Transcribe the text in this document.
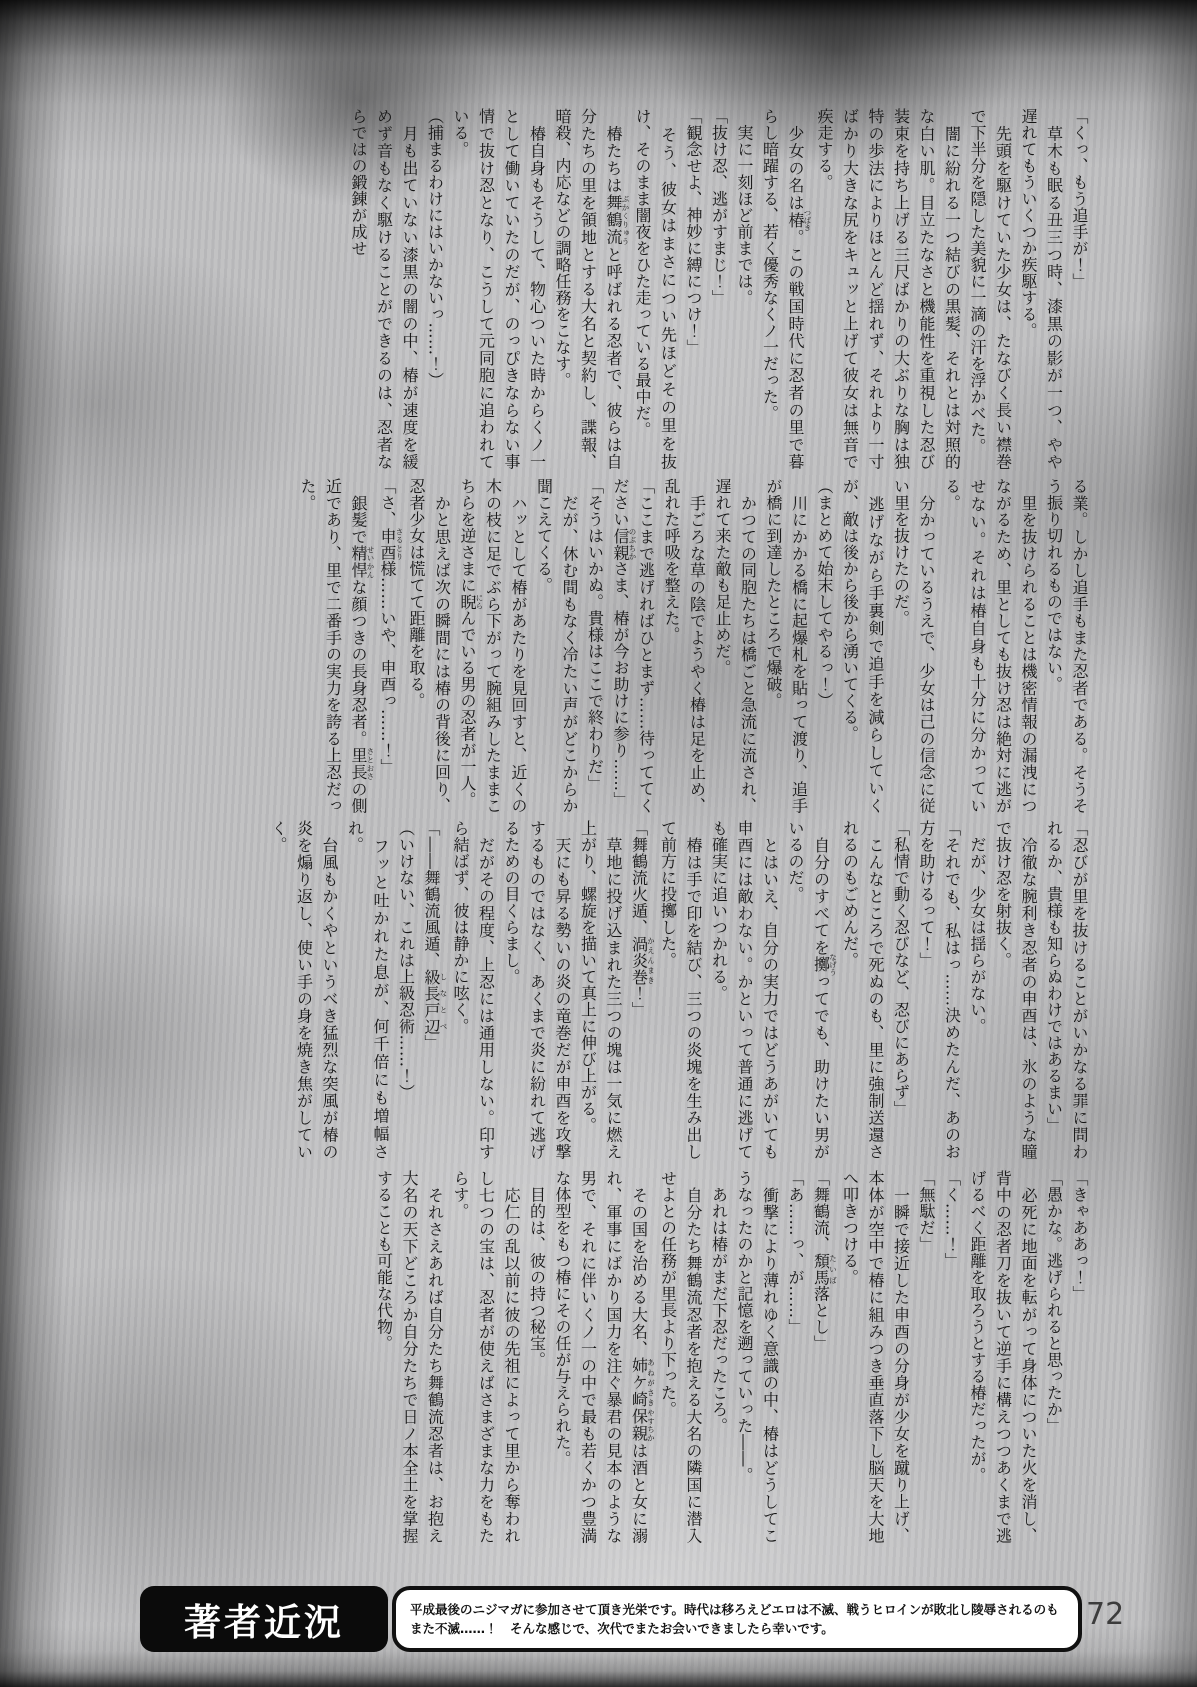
「くっ、もう追手が！」

　草木も眠る丑三つ時、漆黒の影が一つ、やや遅れてもういくつか疾駆する。

　先頭を駆けていた少女は、たなびく長い襟巻で下半分を隠した美貌に一滴の汗を浮かべた。

　闇に紛れる一つ結びの黒髪、それとは対照的な白い肌。目立たなさと機能性を重視した忍び装束を持ち上げる三尺ばかりの大ぶりな胸は独特の歩法によりほとんど揺れず、それより一寸ばかり大きな尻をキュッと上げて彼女は無音で疾走する。

　少女の名は椿つばき。この戦国時代に忍者の里で暮らし暗躍する、若く優秀なくノ一だった。

　実に一刻ほど前までは。

「抜け忍、逃がすまじ！」

「観念せよ、神妙に縛につけ！」

　そう、彼女はまさについ先ほどその里を抜け、そのまま闇夜をひた走っている最中だ。

　椿たちは舞鶴流ぶかくりゅうと呼ばれる忍者で、彼らは自分たちの里を領地とする大名と契約し、諜報、暗殺、内応などの調略任務をこなす。

　椿自身もそうして、物心ついた時からくノ一として働いていたのだが、のっぴきならない事情で抜け忍となり、こうして元同胞に追われている。

（捕まるわけにはいかないっ……！）

　月も出ていない漆黒の闇の中、椿が速度を緩めず音もなく駆けることができるのは、忍者ならではの鍛錬が成せ

る業。しかし追手もまた忍者である。そうそう振り切れるものではない。

　里を抜けられることは機密情報の漏洩につながるため、里としても抜け忍は絶対に逃がせない。それは椿自身も十分に分かっている。

　分かっているうえで、少女は己の信念に従い里を抜けたのだ。

　逃げながら手裏剣で追手を減らしていくが、敵は後から後から湧いてくる。

（まとめて始末してやるっ！）

　川にかかる橋に起爆札を貼って渡り、追手が橋に到達したところで爆破。

　かつての同胞たちは橋ごと急流に流され、遅れて来た敵も足止めだ。

　手ごろな草の陰でようやく椿は足を止め、乱れた呼吸を整えた。

「ここまで逃げればひとまず……待っててください信親のぶちかさま、椿が今お助けに参り……」

「そうはいかぬ。貴様はここで終わりだ」

　だが、休む間もなく冷たい声がどこからか聞こえてくる。

　ハッとして椿があたりを見回すと、近くの木の枝に足でぶら下がって腕組みしたままこちらを逆さまに睨にらんでいる男の忍者が一人。

　かと思えば次の瞬間には椿の背後に回り、忍者少女は慌てて距離を取る。

「さ、申酉さるとり様……いや、申酉っ……！」

　銀髪で精悍せいかんな顔つきの長身忍者。里長さとおさの側近であり、里で二番手の実力を誇る上忍だった。

「忍びが里を抜けることがいかなる罪に問われるか、貴様も知らぬわけではあるまい」

　冷徹な腕利き忍者の申酉は、氷のような瞳で抜け忍を射抜く。

　だが、少女は揺らがない。

「それでも、私はっ……決めたんだ、あのお方を助けるって！」

「私情で動く忍びなど、忍びにあらず」

　こんなところで死ぬのも、里に強制送還されるのもごめんだ。

　自分のすべてを擲なげうってでも、助けたい男がいるのだ。

　とはいえ、自分の実力ではどうあがいても申酉には敵わない。かといって普通に逃げても確実に追いつかれる。

　椿は手で印を結び、三つの炎塊を生み出して前方に投擲した。

「舞鶴流火遁、渦炎巻かえんまき！」

　草地に投げ込まれた三つの塊は一気に燃え上がり、螺旋を描いて真上に伸び上がる。

　天にも昇る勢いの炎の竜巻だが申酉を攻撃するものではなく、あくまで炎に紛れて逃げるための目くらまし。

　だがその程度、上忍には通用しない。印すら結ばず、彼は静かに呟く。

「――舞鶴流風遁、級長戸辺しなとべ」

（いけない、これは上級忍術……！）

　フッと吐かれた息が、何千倍にも増幅され。

　台風もかくやというべき猛烈な突風が椿の炎を煽り返し、使い手の身を焼き焦がしていく。

「きゃああっ！」

「愚かな。逃げられると思ったか」

　必死に地面を転がって身体についた火を消し、背中の忍者刀を抜いて逆手に構えつつあくまで逃げるべく距離を取ろうとする椿だったが。

「く……！」

「無駄だ」

　一瞬で接近した申酉の分身が少女を蹴り上げ、本体が空中で椿に組みつき垂直落下し脳天を大地へ叩きつける。

「舞鶴流、頽馬たいば落とし」

「あ……っ、が……」

　衝撃により薄れゆく意識の中、椿はどうしてこうなったのかと記憶を遡っていった――。

　あれは椿がまだ下忍だったころ。

　自分たち舞鶴流忍者を抱える大名の隣国に潜入せよとの任務が里長より下った。

　その国を治める大名、姉ケ崎あねがさき保親やすちかは酒と女に溺れ、軍事にばかり国力を注ぐ暴君の見本のような男で、それに伴いくノ一の中で最も若くかつ豊満な体型をもつ椿にその任が与えられた。

　目的は、彼の持つ秘宝。

　応仁の乱以前に彼の先祖によって里から奪われし七つの宝は、忍者が使えばさまざまな力をもたらす。

　それさえあれば自分たち舞鶴流忍者は、お抱え大名の天下どころか自分たちで日ノ本全土を掌握することも可能な代物。

著者近況	平成最後のニジマガに参加させて頂き光栄です。時代は移ろえどエロは不滅、戦うヒロインが敗北し陵辱されるのもまた不滅……！　そんな感じで、次代でまたお会いできましたら幸いです。	72
